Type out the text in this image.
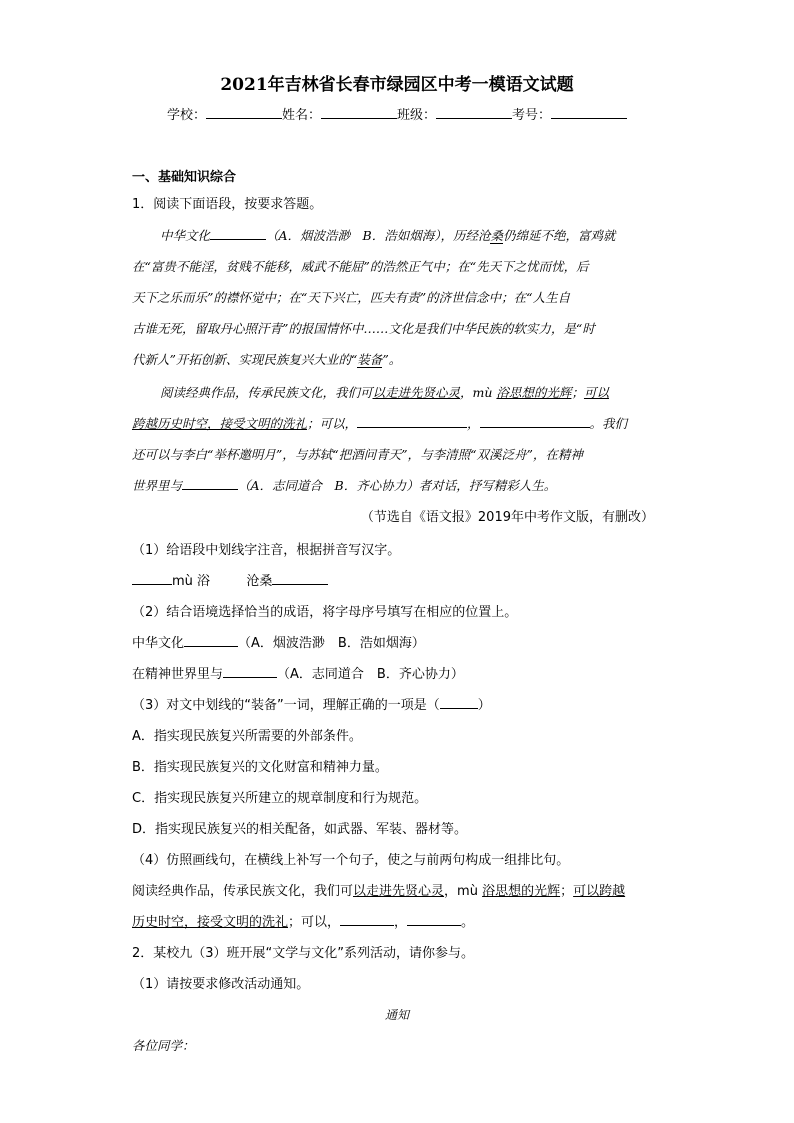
2021年吉林省长春市绿园区中考一模语文试题
学校：	姓名：	班级：	考号：
一、基础知识综合
1．阅读下面语段，按要求答题。
中华文化	（A．烟波浩渺　B．浩如烟海），历经沧桑仍绵延不绝，富鸡就
在“富贵不能淫，贫贱不能移，威武不能屈”的浩然正气中；在“先天下之忧而忧，后
天下之乐而乐”的襟怀觉中；在“天下兴亡，匹夫有责”的济世信念中；在“人生自
古谁无死，留取丹心照汗青”的报国情怀中……文化是我们中华民族的软实力，是“时
代新人”开拓创新、实现民族复兴大业的“装备”。
阅读经典作品，传承民族文化，我们可以走进先贤心灵，mù 浴思想的光辉；可以
跨越历史时空，接受文明的洗礼；可以，	，	。我们
还可以与李白“举杯邀明月”，与苏轼“把酒问青天”，与李清照“双溪泛舟”，在精神
世界里与	（A．志同道合　B．齐心协力）者对话，抒写精彩人生。
（节选自《语文报》2019年中考作文版，有删改）
（1）给语段中划线字注音，根据拼音写汉字。
mù 浴	沧桑
（2）结合语境选择恰当的成语，将字母序号填写在相应的位置上。
中华文化	（A．烟波浩渺　B．浩如烟海）
在精神世界里与	（A．志同道合　B．齐心协力）
（3）对文中划线的“装备”一词，理解正确的一项是（	）
A．指实现民族复兴所需要的外部条件。
B．指实现民族复兴的文化财富和精神力量。
C．指实现民族复兴所建立的规章制度和行为规范。
D．指实现民族复兴的相关配备，如武器、军装、器材等。
（4）仿照画线句，在横线上补写一个句子，使之与前两句构成一组排比句。
阅读经典作品，传承民族文化，我们可以走进先贤心灵，mù 浴思想的光辉；可以跨越
历史时空，接受文明的洗礼；可以，	，	。
2．某校九（3）班开展“文学与文化”系列活动，请你参与。
（1）请按要求修改活动通知。
通知
各位同学：
